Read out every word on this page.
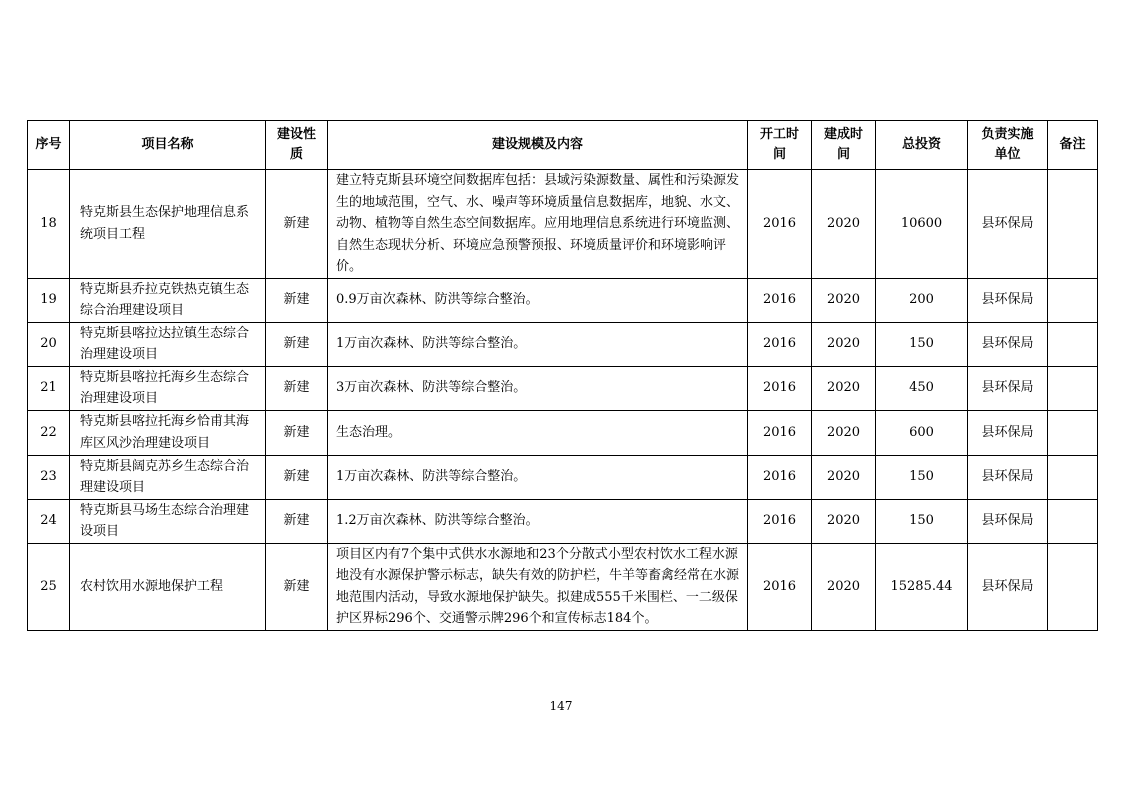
序号	项目名称	建设性质	建设规模及内容	开工时间	建成时间	总投资	负责实施单位	备注
18	特克斯县生态保护地理信息系统项目工程	新建	建立特克斯县环境空间数据库包括：县域污染源数量、属性和污染源发生的地域范围，空气、水、噪声等环境质量信息数据库，地貌、水文、动物、植物等自然生态空间数据库。应用地理信息系统进行环境监测、自然生态现状分析、环境应急预警预报、环境质量评价和环境影响评价。	2016	2020	10600	县环保局	
19	特克斯县乔拉克铁热克镇生态综合治理建设项目	新建	0.9万亩次森林、防洪等综合整治。	2016	2020	200	县环保局	
20	特克斯县喀拉达拉镇生态综合治理建设项目	新建	1万亩次森林、防洪等综合整治。	2016	2020	150	县环保局	
21	特克斯县喀拉托海乡生态综合治理建设项目	新建	3万亩次森林、防洪等综合整治。	2016	2020	450	县环保局	
22	特克斯县喀拉托海乡恰甫其海库区风沙治理建设项目	新建	生态治理。	2016	2020	600	县环保局	
23	特克斯县阔克苏乡生态综合治理建设项目	新建	1万亩次森林、防洪等综合整治。	2016	2020	150	县环保局	
24	特克斯县马场生态综合治理建设项目	新建	1.2万亩次森林、防洪等综合整治。	2016	2020	150	县环保局	
25	农村饮用水源地保护工程	新建	项目区内有7个集中式供水水源地和23个分散式小型农村饮水工程水源地没有水源保护警示标志，缺失有效的防护栏，牛羊等畜禽经常在水源地范围内活动，导致水源地保护缺失。拟建成555千米围栏、一二级保护区界标296个、交通警示牌296个和宣传标志184个。	2016	2020	15285.44	县环保局	
147
